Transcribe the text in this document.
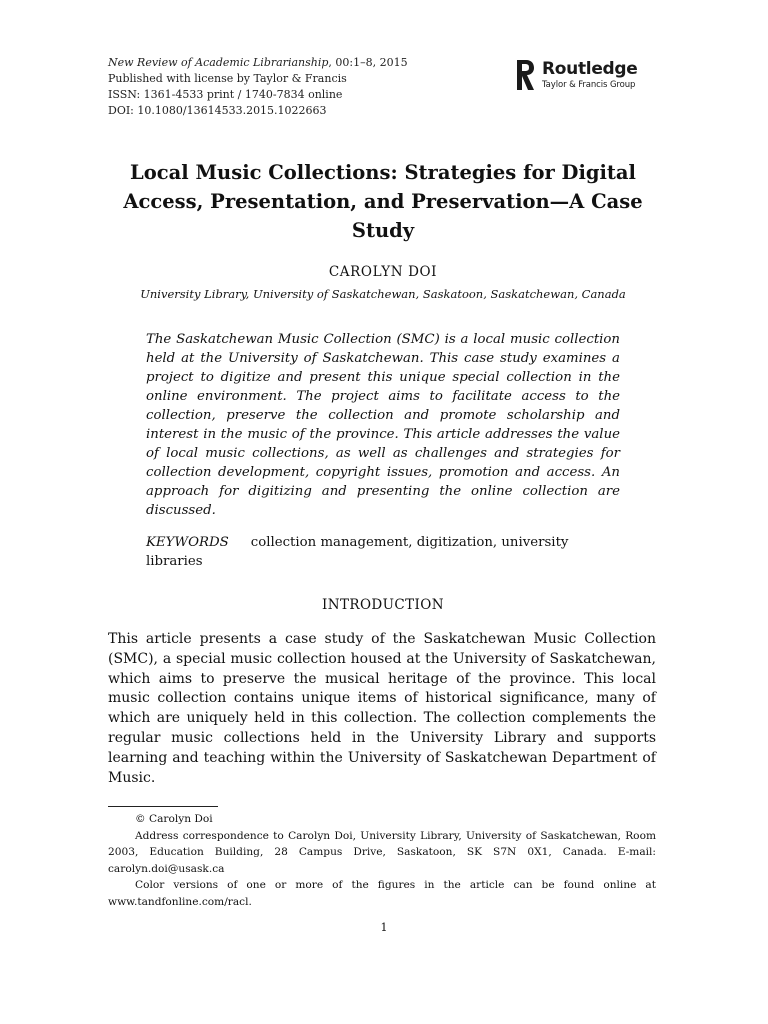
New Review of Academic Librarianship, 00:1–8, 2015
Published with license by Taylor & Francis
ISSN: 1361-4533 print / 1740-7834 online
DOI: 10.1080/13614533.2015.1022663
ROUTLEDGE
Routledge
Taylor & Francis Group
Local Music Collections: Strategies for Digital Access, Presentation, and Preservation—A Case Study
CAROLYN DOI
University Library, University of Saskatchewan, Saskatoon, Saskatchewan, Canada

The Saskatchewan Music Collection (SMC) is a local music collection held at the University of Saskatchewan. This case study examines a project to digitize and present this unique special collection in the online environment. The project aims to facilitate access to the collection, preserve the collection and promote scholarship and interest in the music of the province. This article addresses the value of local music collections, as well as challenges and strategies for collection development, copyright issues, promotion and access. An approach for digitizing and presenting the online collection are discussed.

KEYWORDS collection management, digitization, university libraries
INTRODUCTION

This article presents a case study of the Saskatchewan Music Collection (SMC), a special music collection housed at the University of Saskatchewan, which aims to preserve the musical heritage of the province. This local music collection contains unique items of historical significance, many of which are uniquely held in this collection. The collection complements the regular music collections held in the University Library and supports learning and teaching within the University of Saskatchewan Department of Music.

© Carolyn Doi

Address correspondence to Carolyn Doi, University Library, University of Saskatchewan, Room 2003, Education Building, 28 Campus Drive, Saskatoon, SK S7N 0X1, Canada. E-mail: carolyn.doi@usask.ca

Color versions of one or more of the figures in the article can be found online at www.tandfonline.com/racl.

1
